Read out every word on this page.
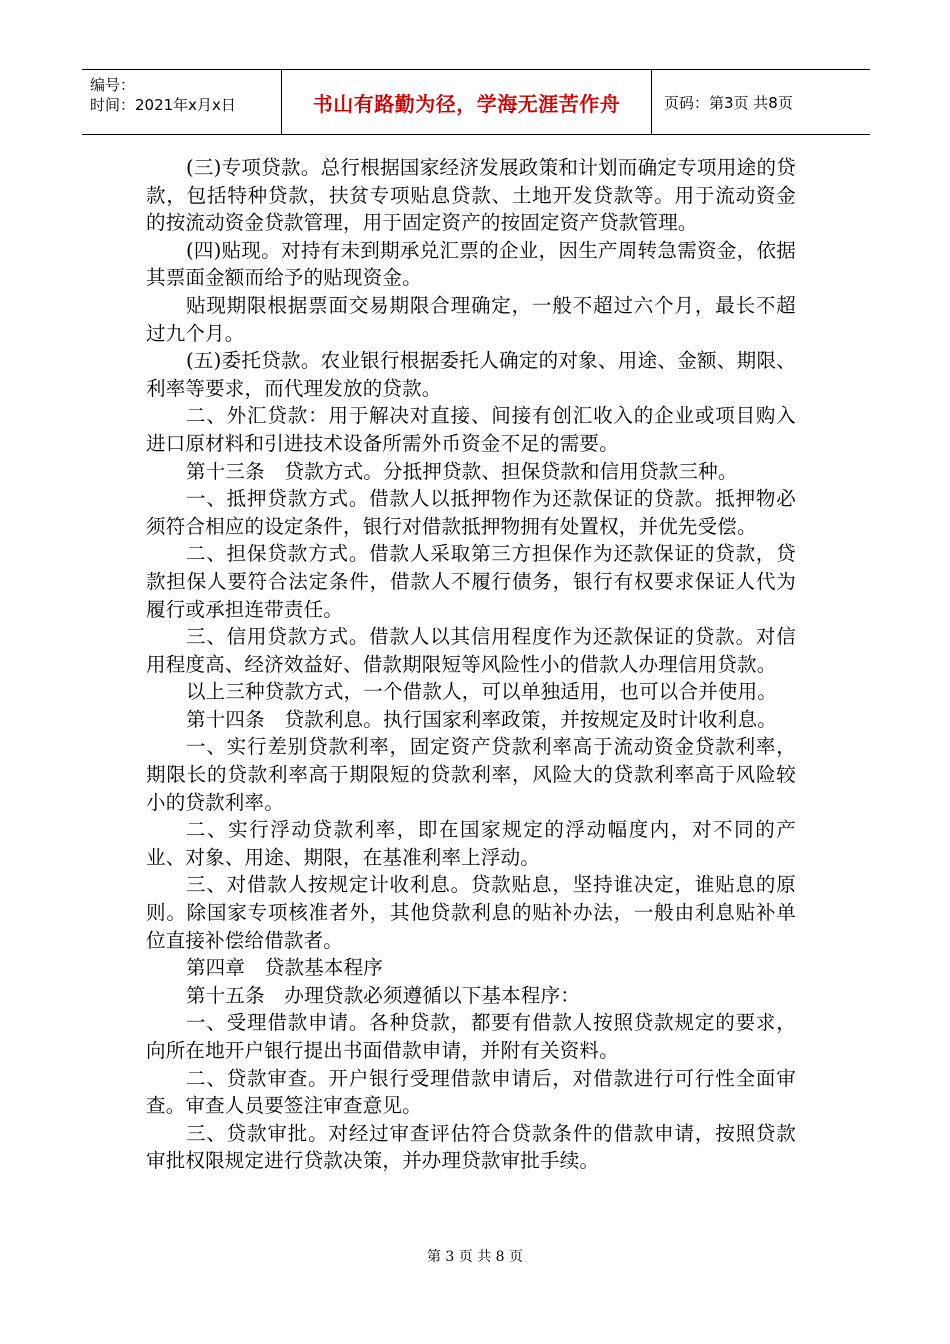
编号：
时间：2021年x月x日	书山有路勤为径，学海无涯苦作舟	页码：第3页 共8页

(三)专项贷款。总行根据国家经济发展政策和计划而确定专项用途的贷款，包括特种贷款，扶贫专项贴息贷款、土地开发贷款等。用于流动资金的按流动资金贷款管理，用于固定资产的按固定资产贷款管理。

(四)贴现。对持有未到期承兑汇票的企业，因生产周转急需资金，依据其票面金额而给予的贴现资金。

贴现期限根据票面交易期限合理确定，一般不超过六个月，最长不超过九个月。

(五)委托贷款。农业银行根据委托人确定的对象、用途、金额、期限、利率等要求，而代理发放的贷款。

二、外汇贷款：用于解决对直接、间接有创汇收入的企业或项目购入进口原材料和引进技术设备所需外币资金不足的需要。

第十三条　贷款方式。分抵押贷款、担保贷款和信用贷款三种。

一、抵押贷款方式。借款人以抵押物作为还款保证的贷款。抵押物必须符合相应的设定条件，银行对借款抵押物拥有处置权，并优先受偿。

二、担保贷款方式。借款人采取第三方担保作为还款保证的贷款，贷款担保人要符合法定条件，借款人不履行债务，银行有权要求保证人代为履行或承担连带责任。

三、信用贷款方式。借款人以其信用程度作为还款保证的贷款。对信用程度高、经济效益好、借款期限短等风险性小的借款人办理信用贷款。

以上三种贷款方式，一个借款人，可以单独适用，也可以合并使用。

第十四条　贷款利息。执行国家利率政策，并按规定及时计收利息。

一、实行差别贷款利率，固定资产贷款利率高于流动资金贷款利率，期限长的贷款利率高于期限短的贷款利率，风险大的贷款利率高于风险较小的贷款利率。

二、实行浮动贷款利率，即在国家规定的浮动幅度内，对不同的产业、对象、用途、期限，在基准利率上浮动。

三、对借款人按规定计收利息。贷款贴息，坚持谁决定，谁贴息的原则。除国家专项核准者外，其他贷款利息的贴补办法，一般由利息贴补单位直接补偿给借款者。

第四章　贷款基本程序

第十五条　办理贷款必须遵循以下基本程序：

一、受理借款申请。各种贷款，都要有借款人按照贷款规定的要求，向所在地开户银行提出书面借款申请，并附有关资料。

二、贷款审查。开户银行受理借款申请后，对借款进行可行性全面审查。审查人员要签注审查意见。

三、贷款审批。对经过审查评估符合贷款条件的借款申请，按照贷款审批权限规定进行贷款决策，并办理贷款审批手续。

第 3 页 共 8 页
